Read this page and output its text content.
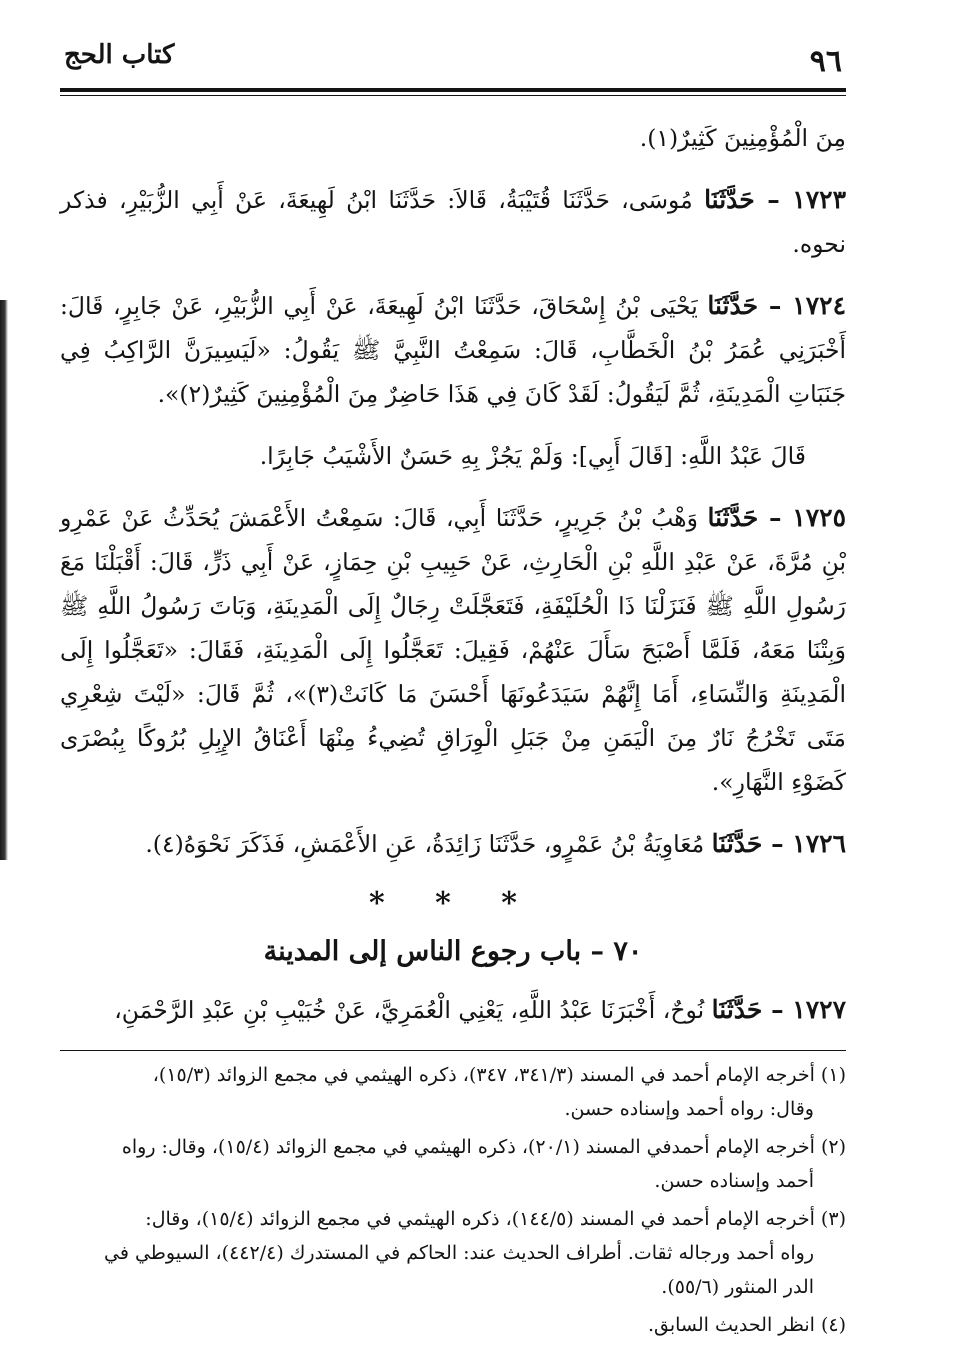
٩٦
كتاب الحج

مِنَ الْمُؤْمِنِينَ كَثِيرٌ(١).

١٧٢٣ – حَدَّثَنَا مُوسَى، حَدَّثَنَا قُتَيْبَةُ، قَالاَ: حَدَّثَنَا ابْنُ لَهِيعَةَ، عَنْ أَبِي الزُّبَيْرِ، فذكر نحوه.

١٧٢٤ – حَدَّثَنَا يَحْيَى بْنُ إِسْحَاقَ، حَدَّثَنَا ابْنُ لَهِيعَةَ، عَنْ أَبِي الزُّبَيْرِ، عَنْ جَابِرٍ، قَالَ: أَخْبَرَنِي عُمَرُ بْنُ الْخَطَّابِ، قَالَ: سَمِعْتُ النَّبِيَّ ﷺ يَقُولُ: «لَيَسِيرَنَّ الرَّاكِبُ فِي جَنَبَاتِ الْمَدِينَةِ، ثُمَّ لَيَقُولُ: لَقَدْ كَانَ فِي هَذَا حَاضِرٌ مِنَ الْمُؤْمِنِينَ كَثِيرٌ(٢)».

قَالَ عَبْدُ اللَّهِ: [قَالَ أَبِي]: وَلَمْ يَجُزْ بِهِ حَسَنٌ الأَشْيَبُ جَابِرًا.

١٧٢٥ – حَدَّثَنَا وَهْبُ بْنُ جَرِيرٍ، حَدَّثَنَا أَبِي، قَالَ: سَمِعْتُ الأَعْمَشَ يُحَدِّثُ عَنْ عَمْرِو بْنِ مُرَّةَ، عَنْ عَبْدِ اللَّهِ بْنِ الْحَارِثِ، عَنْ حَبِيبِ بْنِ حِمَازٍ، عَنْ أَبِي ذَرٍّ، قَالَ: أَقْبَلْنَا مَعَ رَسُولِ اللَّهِ ﷺ فَنَزَلْنَا ذَا الْحُلَيْفَةِ، فَتَعَجَّلَتْ رِجَالٌ إِلَى الْمَدِينَةِ، وَبَاتَ رَسُولُ اللَّهِ ﷺ وَبِتْنَا مَعَهُ، فَلَمَّا أَصْبَحَ سَأَلَ عَنْهُمْ، فَقِيلَ: تَعَجَّلُوا إِلَى الْمَدِينَةِ، فَقَالَ: «تَعَجَّلُوا إِلَى الْمَدِينَةِ وَالنِّسَاءِ، أَمَا إِنَّهُمْ سَيَدَعُونَهَا أَحْسَنَ مَا كَانَتْ(٣)»، ثُمَّ قَالَ: «لَيْتَ شِعْرِي مَتَى تَخْرُجُ نَارٌ مِنَ الْيَمَنِ مِنْ جَبَلِ الْوِرَاقِ تُضِيءُ مِنْهَا أَعْنَاقُ الإِبِلِ بُرُوكًا بِبُصْرَى كَضَوْءِ النَّهَارِ».

١٧٢٦ – حَدَّثَنَا مُعَاوِيَةُ بْنُ عَمْرٍو، حَدَّثَنَا زَائِدَةُ، عَنِ الأَعْمَشِ، فَذَكَرَ نَحْوَهُ(٤).

* * *
٧٠ – باب رجوع الناس إلى المدينة

١٧٢٧ – حَدَّثَنَا نُوحٌ، أَخْبَرَنَا عَبْدُ اللَّهِ، يَعْنِي الْعُمَرِيَّ، عَنْ خُبَيْبِ بْنِ عَبْدِ الرَّحْمَنِ،

(١) أخرجه الإمام أحمد في المسند (٣٤١/٣، ٣٤٧)، ذكره الهيثمي في مجمع الزوائد (١٥/٣)،
وقال: رواه أحمد وإسناده حسن.
(٢) أخرجه الإمام أحمدفي المسند (٢٠/١)، ذكره الهيثمي في مجمع الزوائد (١٥/٤)، وقال: رواه
أحمد وإسناده حسن.
(٣) أخرجه الإمام أحمد في المسند (١٤٤/٥)، ذكره الهيثمي في مجمع الزوائد (١٥/٤)، وقال:
رواه أحمد ورجاله ثقات. أطراف الحديث عند: الحاكم في المستدرك (٤٤٢/٤)، السيوطي في
الدر المنثور (٥٥/٦).
(٤) انظر الحديث السابق.
